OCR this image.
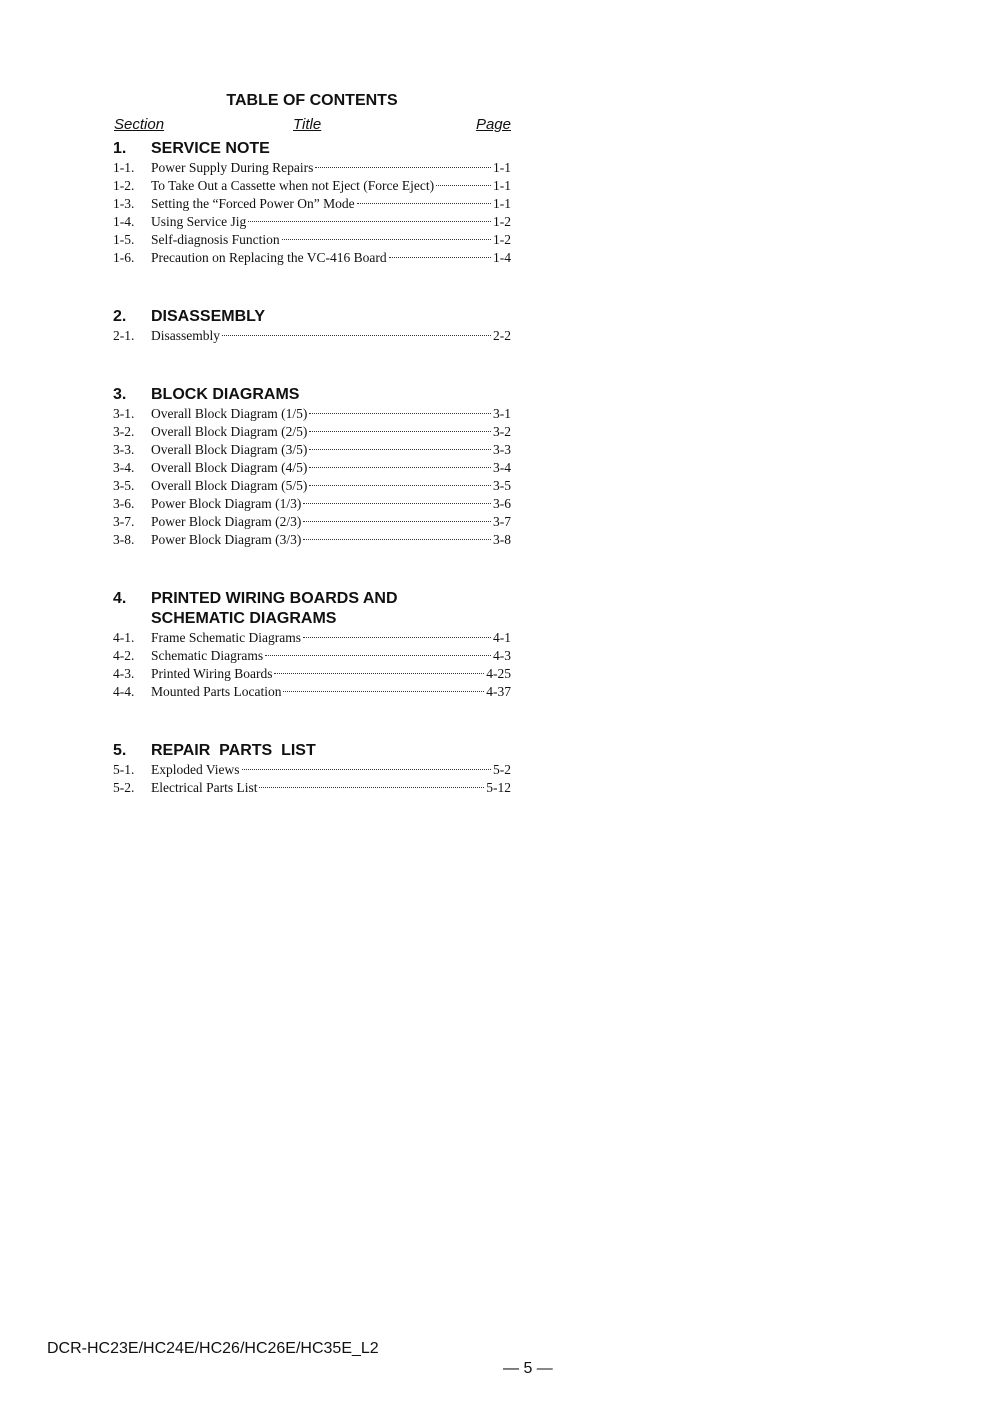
TABLE OF CONTENTS
Section	Title	Page
1.	SERVICE NOTE
1-1.	Power Supply During Repairs	1-1
1-2.	To Take Out a Cassette when not Eject (Force Eject)	1-1
1-3.	Setting the “Forced Power On” Mode	1-1
1-4.	Using Service Jig	1-2
1-5.	Self-diagnosis Function	1-2
1-6.	Precaution on Replacing the VC-416 Board	1-4
2.	DISASSEMBLY
2-1.	Disassembly	2-2
3.	BLOCK DIAGRAMS
3-1.	Overall Block Diagram (1/5)	3-1
3-2.	Overall Block Diagram (2/5)	3-2
3-3.	Overall Block Diagram (3/5)	3-3
3-4.	Overall Block Diagram (4/5)	3-4
3-5.	Overall Block Diagram (5/5)	3-5
3-6.	Power Block Diagram (1/3)	3-6
3-7.	Power Block Diagram (2/3)	3-7
3-8.	Power Block Diagram (3/3)	3-8
4.	PRINTED WIRING BOARDS AND
SCHEMATIC DIAGRAMS
4-1.	Frame Schematic Diagrams	4-1
4-2.	Schematic Diagrams	4-3
4-3.	Printed Wiring Boards	4-25
4-4.	Mounted Parts Location	4-37
5.	REPAIR  PARTS  LIST
5-1.	Exploded Views	5-2
5-2.	Electrical Parts List	5-12
DCR-HC23E/HC24E/HC26/HC26E/HC35E_L2
— 5 —
